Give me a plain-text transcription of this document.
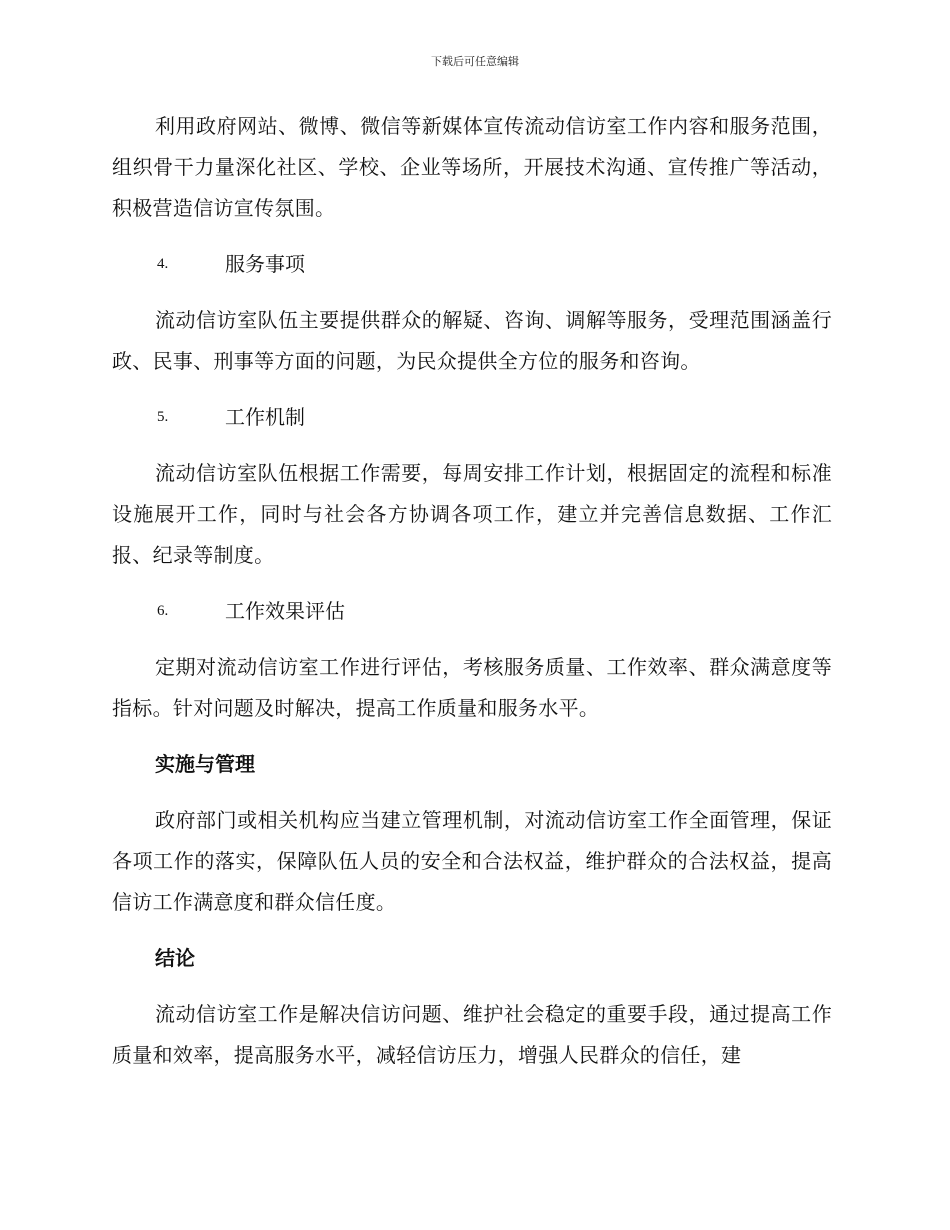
下载后可任意编辑

利用政府网站、微博、微信等新媒体宣传流动信访室工作内容和服务范围，组织骨干力量深化社区、学校、企业等场所，开展技术沟通、宣传推广等活动，积极营造信访宣传氛围。

4.	服务事项

流动信访室队伍主要提供群众的解疑、咨询、调解等服务，受理范围涵盖行政、民事、刑事等方面的问题，为民众提供全方位的服务和咨询。

5.	工作机制

流动信访室队伍根据工作需要，每周安排工作计划，根据固定的流程和标准设施展开工作，同时与社会各方协调各项工作，建立并完善信息数据、工作汇报、纪录等制度。

6.	工作效果评估

定期对流动信访室工作进行评估，考核服务质量、工作效率、群众满意度等指标。针对问题及时解决，提高工作质量和服务水平。

实施与管理

政府部门或相关机构应当建立管理机制，对流动信访室工作全面管理，保证各项工作的落实，保障队伍人员的安全和合法权益，维护群众的合法权益，提高信访工作满意度和群众信任度。

结论

流动信访室工作是解决信访问题、维护社会稳定的重要手段，通过提高工作质量和效率，提高服务水平，减轻信访压力，增强人民群众的信任，建
